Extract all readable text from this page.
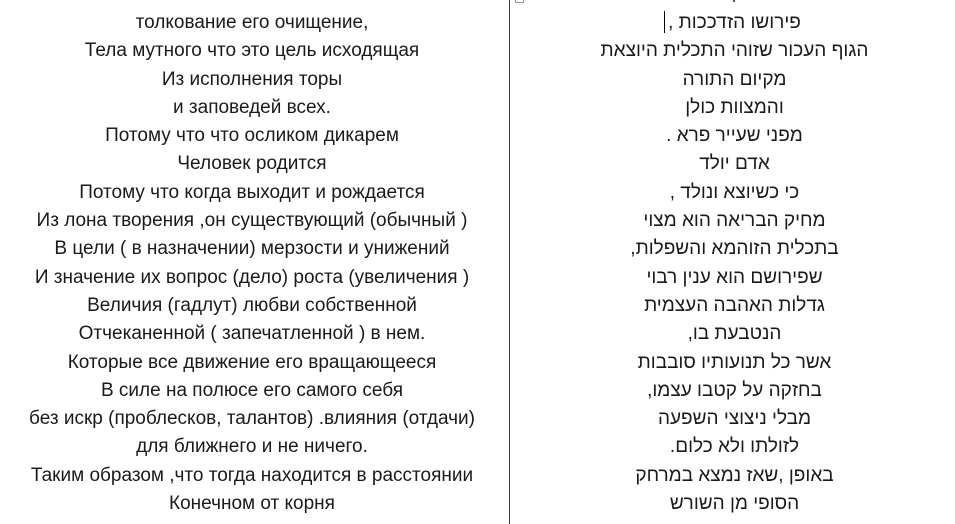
толкование его очищение,
Тела мутного что это цель исходящая
Из исполнения торы
и заповедей всех.
Потому что что осликом дикарем
Человек родится
Потому что когда выходит и рождается
Из лона творения ,он существующий (обычный )
В цели ( в назначении) мерзости и унижений
И значение их вопрос (дело) роста (увеличения )
Величия (гадлут) любви собственной
Отчеканенной ( запечатленной ) в нем.
Которые все движение его вращающееся
В силе на полюсе его самого себя
без искр (проблесков, талантов) .влияния (отдачи)
для ближнего и не ничего.
Таким образом ,что тогда находится в расстоянии
Конечном от корня
פירושו הזדככות ,
הגוף העכור שזוהי התכלית היוצאת
מקיום התורה
והמצוות כולן
מפני שעייר פרא .
אדם יולד
כי כשיוצא ונולד ,
מחיק הבריאה הוא מצוי
בתכלית הזוהמא והשפלות,
שפירושם הוא ענין רבוי
גדלות האהבה העצמית
הנטבעת בו,
אשר כל תנועותיו סובבות
בחזקה על קטבו עצמו,
מבלי ניצוצי השפעה
לזולתו ולא כלום.
באופן ,שאז נמצא במרחק
הסופי מן השורש
